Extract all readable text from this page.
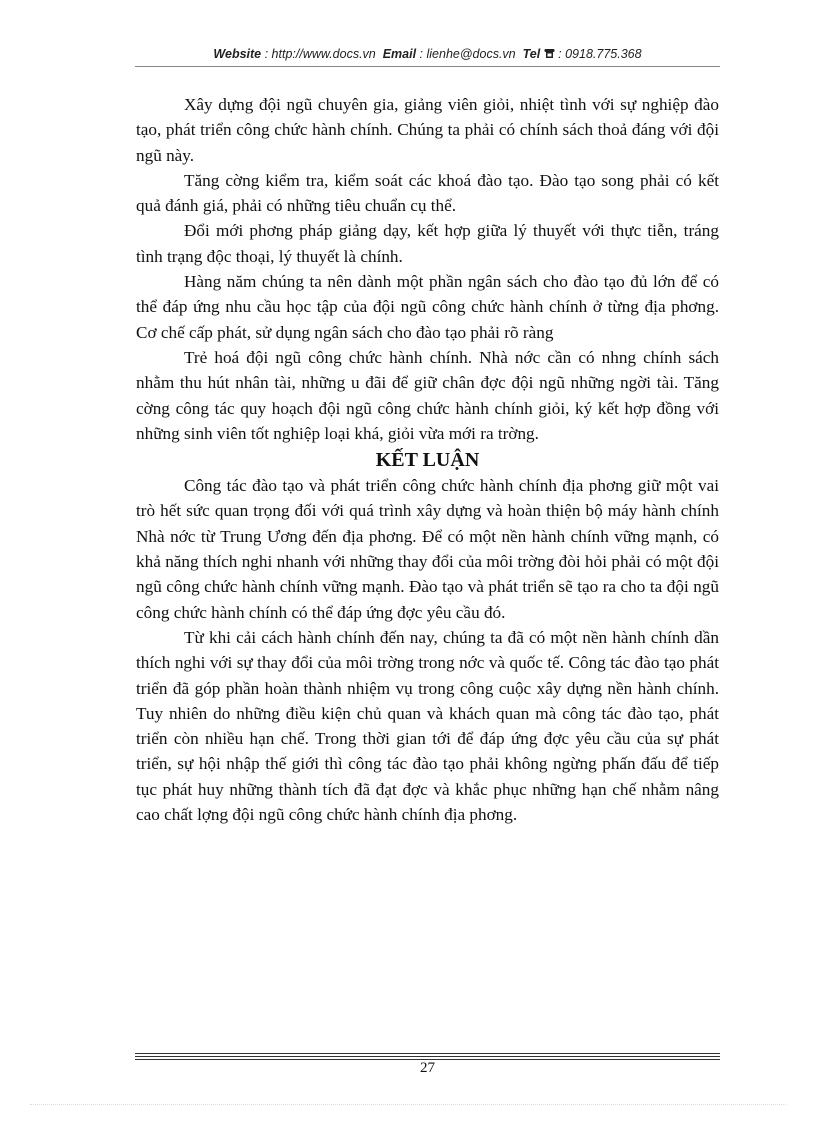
Website : http://www.docs.vn Email : lienhe@docs.vn Tel  : 0918.775.368

Xây dựng đội ngũ chuyên gia, giảng viên giỏi, nhiệt tình với sự nghiệp đào tạo, phát triển công chức hành chính. Chúng ta phải có chính sách thoả đáng với đội ngũ này.

Tăng cờng kiểm tra, kiểm soát các khoá đào tạo. Đào tạo song phải có kết quả đánh giá, phải có những tiêu chuẩn cụ thể.

Đổi mới phơng pháp giảng dạy, kết hợp giữa lý thuyết với thực tiễn, tráng tình trạng độc thoại, lý thuyết là chính.

Hàng năm chúng ta nên dành một phần ngân sách cho đào tạo đủ lớn để có thể đáp ứng nhu cầu học tập của đội ngũ công chức hành chính ở từng địa phơng. Cơ chế cấp phát, sử dụng ngân sách cho đào tạo phải rõ ràng

Trẻ hoá đội ngũ công chức hành chính. Nhà nớc cần có nhng chính sách nhằm thu hút nhân tài, những u đãi để giữ chân đợc đội ngũ những ngời tài. Tăng cờng công tác quy hoạch đội ngũ công chức hành chính giỏi, ký kết hợp đồng với những sinh viên tốt nghiệp loại khá, giỏi vừa mới ra trờng.

KẾT LUẬN

Công tác đào tạo và phát triển công chức hành chính địa phơng giữ một vai trò hết sức quan trọng đối với quá trình xây dựng và hoàn thiện bộ máy hành chính Nhà nớc từ Trung Ương đến địa phơng. Để có một nền hành chính vững mạnh, có khả năng thích nghi nhanh với những thay đổi của môi trờng đòi hỏi phải có một đội ngũ công chức hành chính vững mạnh. Đào tạo và phát triển sẽ tạo ra cho ta đội ngũ công chức hành chính có thể đáp ứng đợc yêu cầu đó.

Từ khi cải cách hành chính đến nay, chúng ta đã có một nền hành chính dần thích nghi với sự thay đổi của môi trờng trong nớc và quốc tế. Công tác đào tạo phát triển đã góp phần hoàn thành nhiệm vụ trong công cuộc xây dựng nền hành chính. Tuy nhiên do những điều kiện chủ quan và khách quan mà công tác đào tạo, phát triển còn nhiều hạn chế. Trong thời gian tới để đáp ứng đợc yêu cầu của sự phát triển, sự hội nhập thế giới thì công tác đào tạo phải không ngừng phấn đấu để tiếp tục phát huy những thành tích đã đạt đợc và khắc phục những hạn chế nhằm nâng cao chất lợng đội ngũ công chức hành chính địa phơng.

27
